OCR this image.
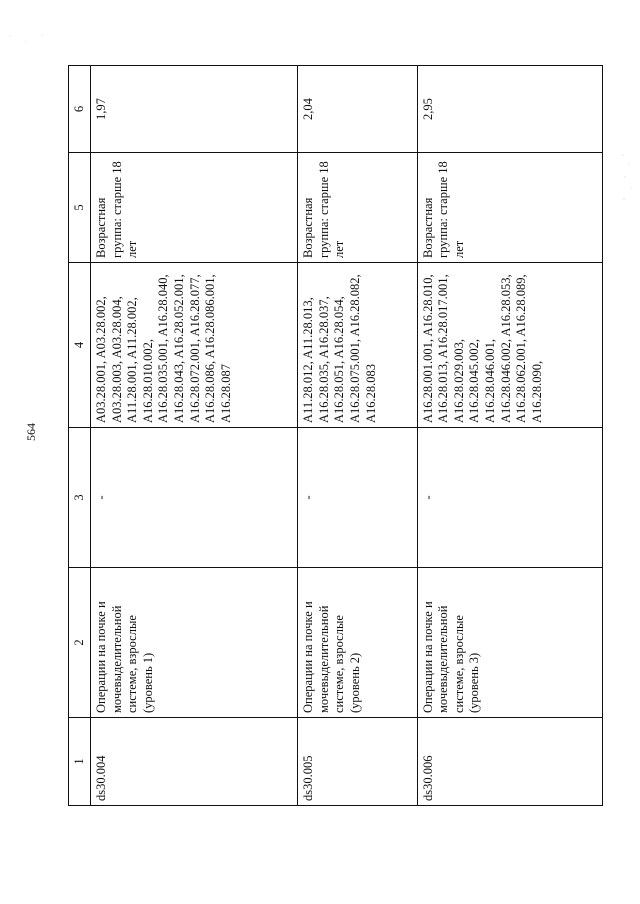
564
1	2	3	4	5	6
ds30.004	Операции на почке и мочевыделительной системе, взрослые (уровень 1)	-	A03.28.001, A03.28.002, A03.28.003, A03.28.004, A11.28.001, A11.28.002, A16.28.010.002, A16.28.035.001, A16.28.040, A16.28.043, A16.28.052.001, A16.28.072.001, A16.28.077, A16.28.086, A16.28.086.001, A16.28.087	Возрастная группа: старше 18 лет	1,97
ds30.005	Операции на почке и мочевыделительной системе, взрослые (уровень 2)	-	A11.28.012, A11.28.013, A16.28.035, A16.28.037, A16.28.051, A16.28.054, A16.28.075.001, A16.28.082, A16.28.083	Возрастная группа: старше 18 лет	2,04
ds30.006	Операции на почке и мочевыделительной системе, взрослые (уровень 3)	-	A16.28.001.001, A16.28.010, A16.28.013, A16.28.017.001, A16.28.029.003, A16.28.045.002, A16.28.046.001, A16.28.046.002, A16.28.053, A16.28.062.001, A16.28.089, A16.28.090,	Возрастная группа: старше 18 лет	2,95
